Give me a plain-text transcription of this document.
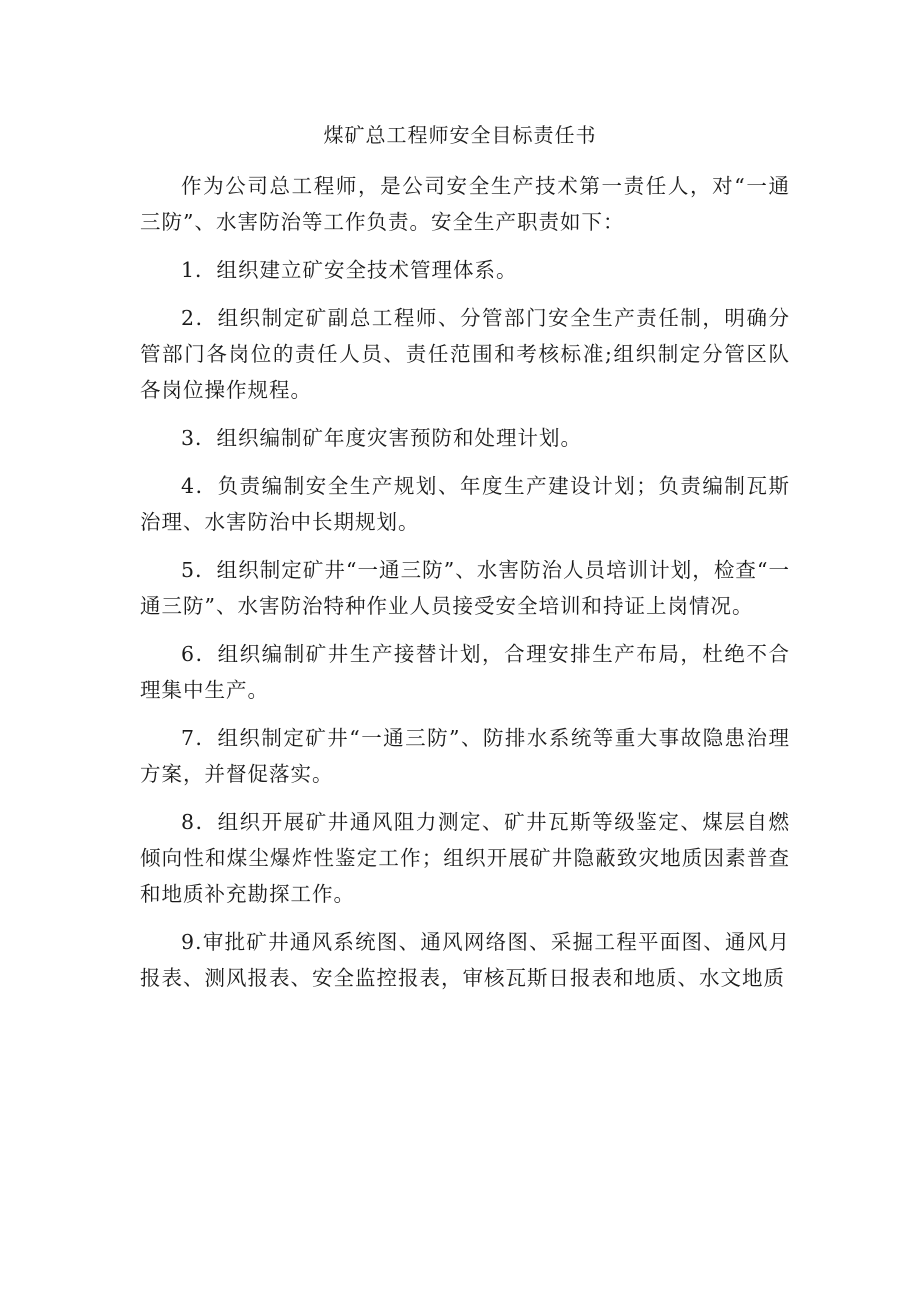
煤矿总工程师安全目标责任书

作为公司总工程师，是公司安全生产技术第一责任人，对“一通三防”、水害防治等工作负责。安全生产职责如下：

1．组织建立矿安全技术管理体系。

2．组织制定矿副总工程师、分管部门安全生产责任制，明确分管部门各岗位的责任人员、责任范围和考核标准;组织制定分管区队各岗位操作规程。

3．组织编制矿年度灾害预防和处理计划。

4．负责编制安全生产规划、年度生产建设计划；负责编制瓦斯治理、水害防治中长期规划。

5．组织制定矿井“一通三防”、水害防治人员培训计划，检查“一通三防”、水害防治特种作业人员接受安全培训和持证上岗情况。

6．组织编制矿井生产接替计划，合理安排生产布局，杜绝不合理集中生产。

7．组织制定矿井“一通三防”、防排水系统等重大事故隐患治理方案，并督促落实。

8．组织开展矿井通风阻力测定、矿井瓦斯等级鉴定、煤层自燃倾向性和煤尘爆炸性鉴定工作；组织开展矿井隐蔽致灾地质因素普查和地质补充勘探工作。

9.审批矿井通风系统图、通风网络图、采掘工程平面图、通风月报表、测风报表、安全监控报表，审核瓦斯日报表和地质、水文地质
